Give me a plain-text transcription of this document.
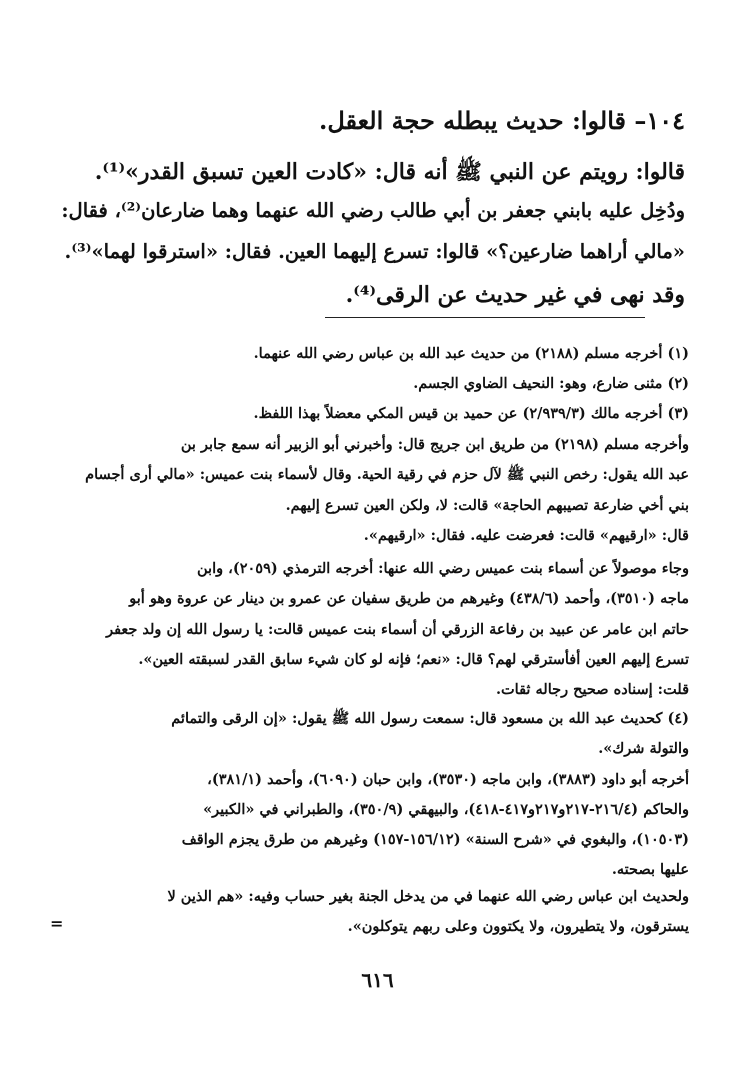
١٠٤– قالوا: حديث يبطله حجة العقل.
قالوا: رويتم عن النبي ﷺ أنه قال: «كادت العين تسبق القدر»⁽¹⁾.
ودُخِل عليه بابني جعفر بن أبي طالب رضي الله عنهما وهما ضارعان⁽²⁾، فقال:
«مالي أراهما ضارعين؟» قالوا: تسرع إليهما العين. فقال: «استرقوا لهما»⁽³⁾.
وقد نهى في غير حديث عن الرقى⁽⁴⁾.
(١) أخرجه مسلم (٢١٨٨) من حديث عبد الله بن عباس رضي الله عنهما.
(٢) مثنى ضارع، وهو: النحيف الضاوي الجسم.
(٣) أخرجه مالك (٢/٩٣٩/٣) عن حميد بن قيس المكي معضلاً بهذا اللفظ.
وأخرجه مسلم (٢١٩٨) من طريق ابن جريج قال: وأخبرني أبو الزبير أنه سمع جابر بن
عبد الله يقول: رخص النبي ﷺ لآل حزم في رقية الحية. وقال لأسماء بنت عميس: «مالي أرى أجسام
بني أخي ضارعة تصيبهم الحاجة» قالت: لا، ولكن العين تسرع إليهم.
قال: «ارقيهم» قالت: فعرضت عليه. فقال: «ارقيهم».
وجاء موصولاً عن أسماء بنت عميس رضي الله عنها: أخرجه الترمذي (٢٠٥٩)، وابن
ماجه (٣٥١٠)، وأحمد (٤٣٨/٦) وغيرهم من طريق سفيان عن عمرو بن دينار عن عروة وهو أبو
حاتم ابن عامر عن عبيد بن رفاعة الزرقي أن أسماء بنت عميس قالت: يا رسول الله إن ولد جعفر
تسرع إليهم العين أفأسترقي لهم؟ قال: «نعم؛ فإنه لو كان شيء سابق القدر لسبقته العين».
قلت: إسناده صحيح رجاله ثقات.
(٤) كحديث عبد الله بن مسعود قال: سمعت رسول الله ﷺ يقول: «إن الرقى والتمائم
والتولة شرك».
أخرجه أبو داود (٣٨٨٣)، وابن ماجه (٣٥٣٠)، وابن حبان (٦٠٩٠)، وأحمد (٣٨١/١)،
والحاكم (٢١٦/٤-٢١٧و٢١٧و٤١٧-٤١٨)، والبيهقي (٣٥٠/٩)، والطبراني في «الكبير»
(١٠٥٠٣)، والبغوي في «شرح السنة» (١٥٦/١٢-١٥٧) وغيرهم من طرق يجزم الواقف
عليها بصحته.
ولحديث ابن عباس رضي الله عنهما في من يدخل الجنة بغير حساب وفيه: «هم الذين لا
يسترقون، ولا يتطيرون، ولا يكتوون وعلى ربهم يتوكلون».
=
٦١٦
